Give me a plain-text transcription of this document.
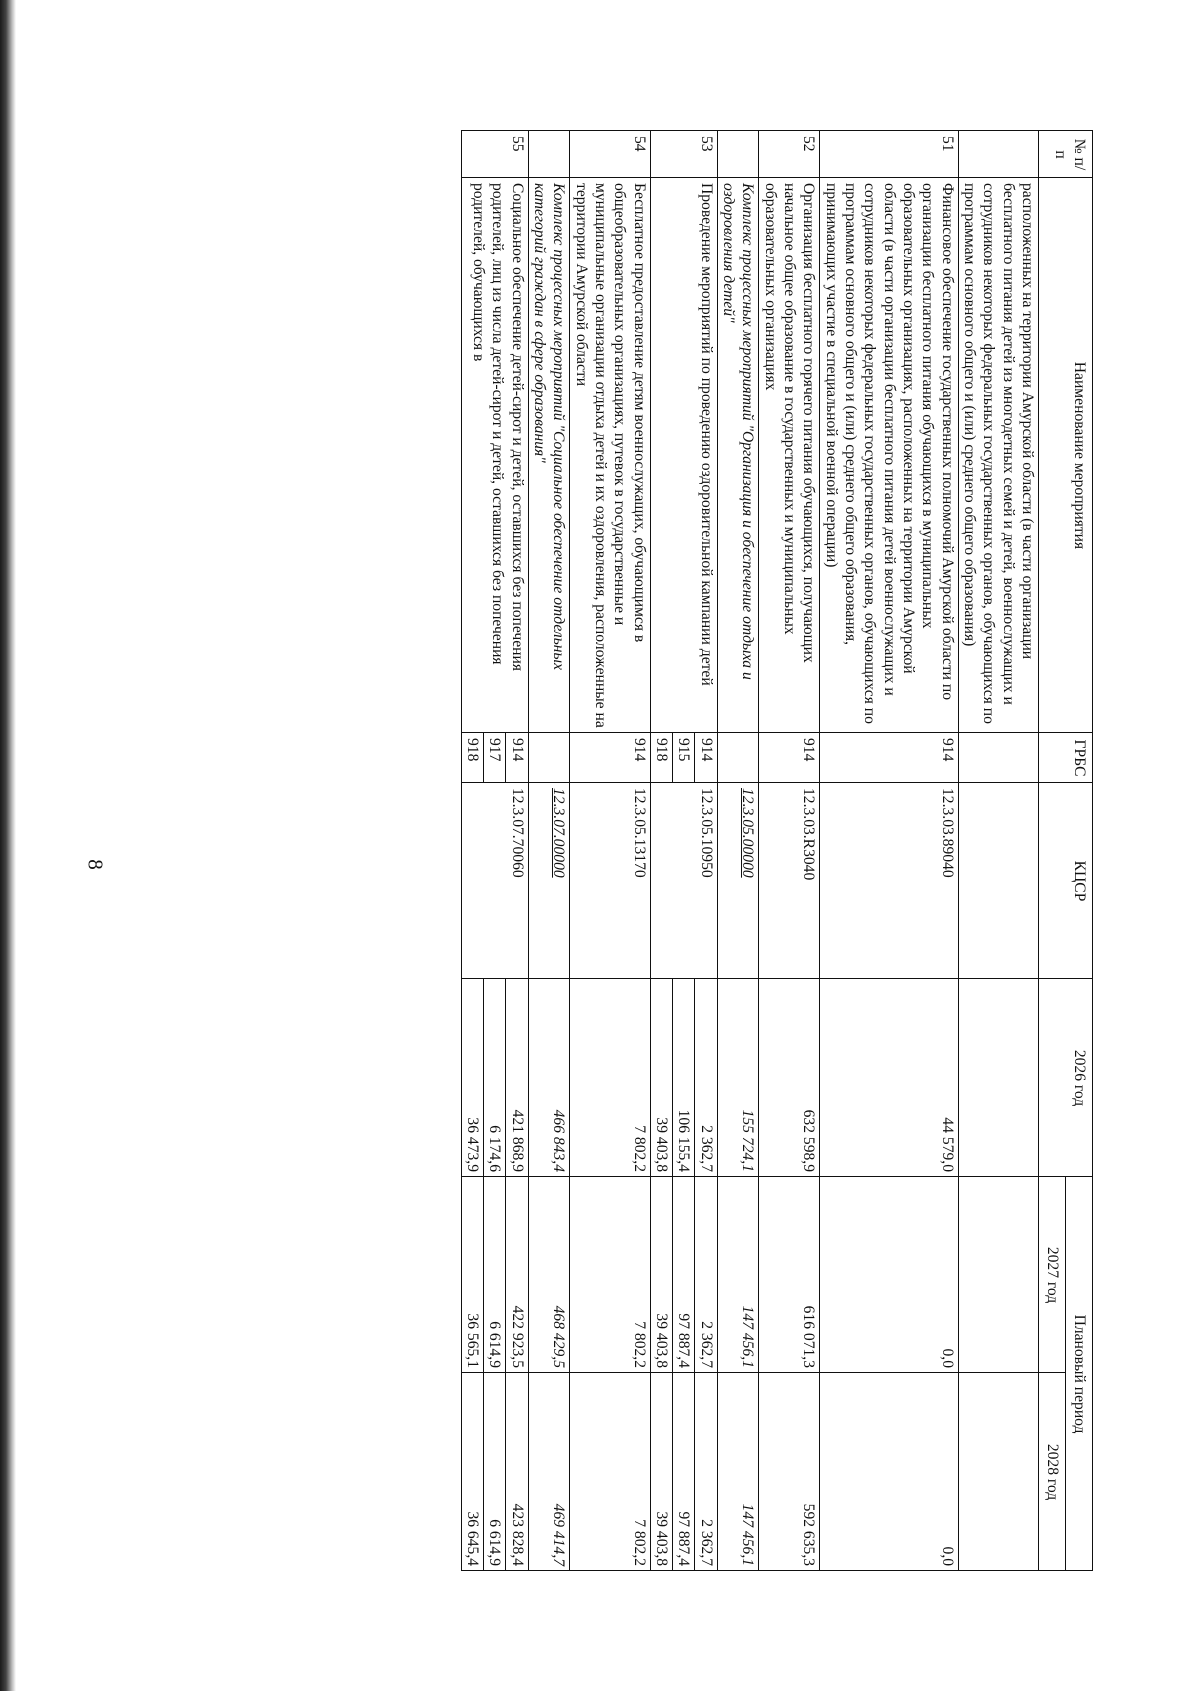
8
№ п/п	Наименование мероприятия	ГРБС	КЦСР	2026 год	Плановый период	
					2027 год	2028 год
	расположенных на территории Амурской области (в части организации бесплатного питания детей из многодетных семей и детей, военнослужащих и сотрудников некоторых федеральных государственных органов, обучающихся по программам основного общего и (или) среднего общего образования)					
51	Финансовое обеспечение государственных полномочий Амурской области по организации бесплатного питания обучающихся в муниципальных образовательных организациях, расположенных на территории Амурской области (в части организации бесплатного питания детей военнослужащих и сотрудников некоторых федеральных государственных органов, обучающихся по программам основного общего и (или) среднего общего образования, принимающих участие в специальной военной операции)	914	12.3.03.89040	44 579,0	0,0	0,0
52	Организация бесплатного горячего питания обучающихся, получающих начальное общее образование в государственных и муниципальных образовательных организациях	914	12.3.03.R3040	632 598,9	616 071,3	592 635,3
	Комплекс процессных мероприятий "Организация и обеспечение отдыха и оздоровления детей"		12.3.05.00000	155 724,1	147 456,1	147 456,1
53	Проведение мероприятий по проведению оздоровительной кампании детей	914	12.3.05.10950	2 362,7	2 362,7	2 362,7
		915		106 155,4	97 887,4	97 887,4
		918		39 403,8	39 403,8	39 403,8
54	Бесплатное предоставление детям военнослужащих, обучающимся в общеобразовательных организациях, путевок в государственные и муниципальные организации отдыха детей и их оздоровления, расположенные на территории Амурской области	914	12.3.05.13170	7 802,2	7 802,2	7 802,2
	Комплекс процессных мероприятий "Социальное обеспечение отдельных категорий граждан в сфере образования"		12.3.07.00000	466 843,4	468 429,5	469 414,7
55	Социальное обеспечение детей-сирот и детей, оставшихся без попечения родителей, лиц из числа детей-сирот и детей, оставшихся без попечения родителей, обучающихся в	914	12.3.07.70060	421 868,9	422 923,5	423 828,4
		917		6 174,6	6 614,9	6 614,9
		918		36 473,9	36 565,1	36 645,4
